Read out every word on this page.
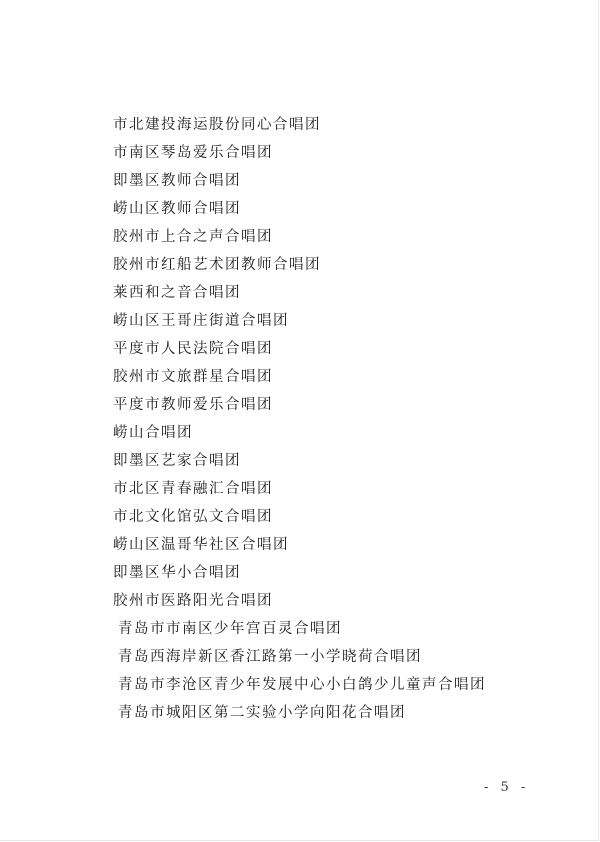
市北建投海运股份同心合唱团
市南区琴岛爱乐合唱团
即墨区教师合唱团
崂山区教师合唱团
胶州市上合之声合唱团
胶州市红船艺术团教师合唱团
莱西和之音合唱团
崂山区王哥庄街道合唱团
平度市人民法院合唱团
胶州市文旅群星合唱团
平度市教师爱乐合唱团
崂山合唱团
即墨区艺家合唱团
市北区青春融汇合唱团
市北文化馆弘文合唱团
崂山区温哥华社区合唱团
即墨区华小合唱团
胶州市医路阳光合唱团
青岛市市南区少年宫百灵合唱团
青岛西海岸新区香江路第一小学晓荷合唱团
青岛市李沧区青少年发展中心小白鸽少儿童声合唱团
青岛市城阳区第二实验小学向阳花合唱团
- 5 -
